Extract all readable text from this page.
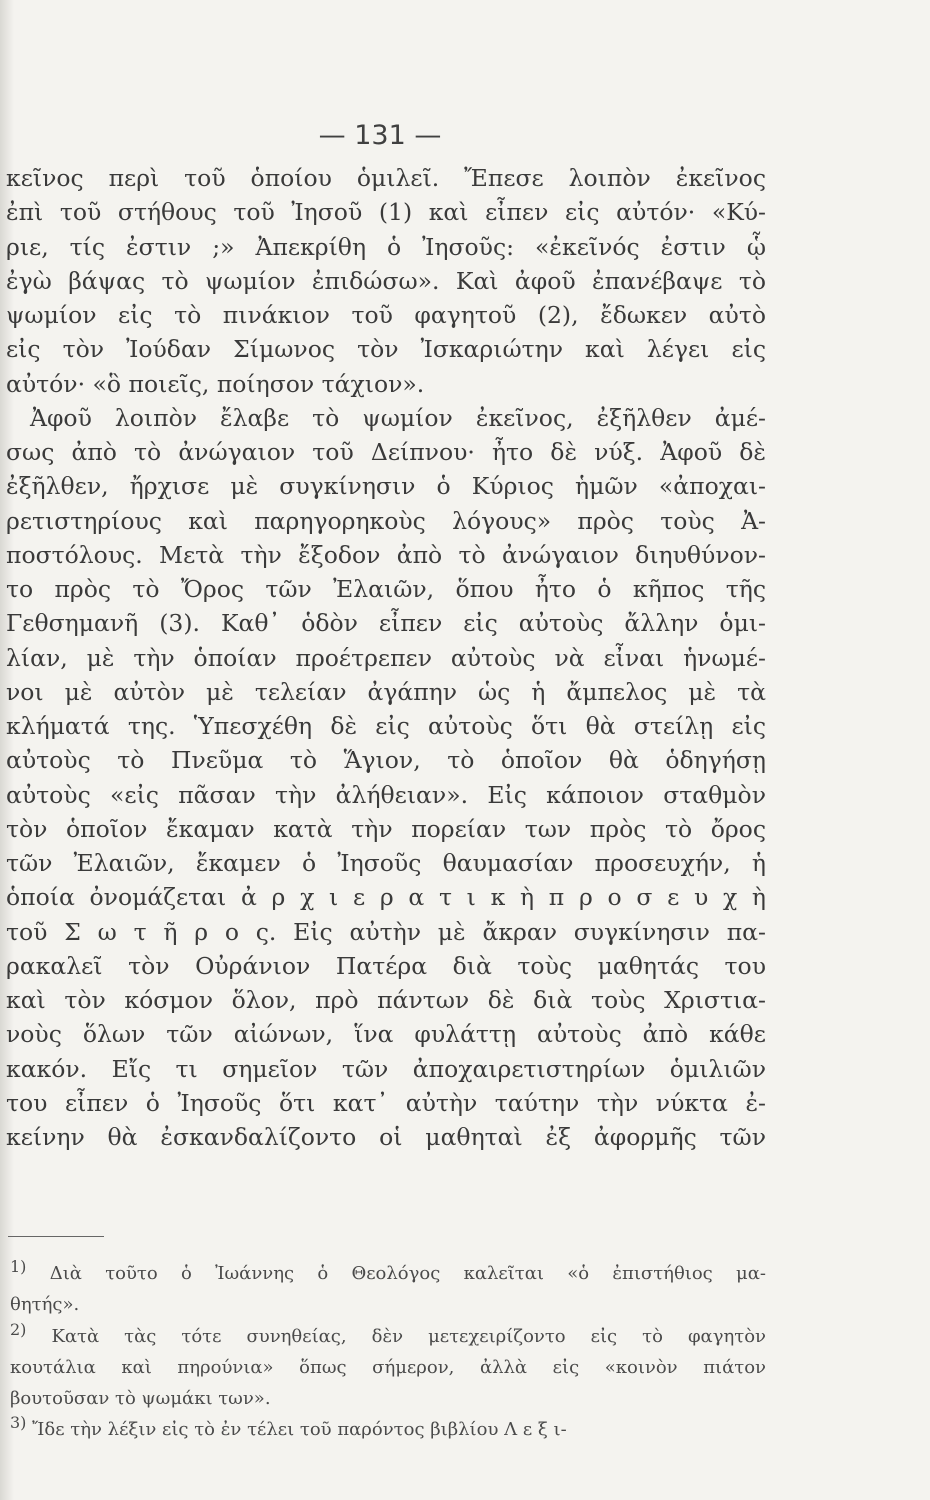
— 131 —
κεῖνος περὶ τοῦ ὁποίου ὁμιλεῖ. Ἔπεσε λοιπὸν ἐκεῖνος
ἐπὶ τοῦ στήθους τοῦ Ἰησοῦ (1) καὶ εἶπεν εἰς αὐτόν· «Κύ-
ριε, τίς ἐστιν ;» Ἀπεκρίθη ὁ Ἰησοῦς: «ἐκεῖνός ἐστιν ᾧ
ἐγὼ βάψας τὸ ψωμίον ἐπιδώσω». Καὶ ἀφοῦ ἐπανέβαψε τὸ
ψωμίον εἰς τὸ πινάκιον τοῦ φαγητοῦ (2), ἔδωκεν αὐτὸ
εἰς τὸν Ἰούδαν Σίμωνος τὸν Ἰσκαριώτην καὶ λέγει εἰς
αὐτόν· «ὃ ποιεῖς, ποίησον τάχιον».
Ἀφοῦ λοιπὸν ἔλαβε τὸ ψωμίον ἐκεῖνος, ἐξῆλθεν ἀμέ-
σως ἀπὸ τὸ ἀνώγαιον τοῦ Δείπνου· ἦτο δὲ νύξ. Ἀφοῦ δὲ
ἐξῆλθεν, ἤρχισε μὲ συγκίνησιν ὁ Κύριος ἡμῶν «ἀποχαι-
ρετιστηρίους καὶ παρηγορηκοὺς λόγους» πρὸς τοὺς Ἀ-
ποστόλους. Μετὰ τὴν ἔξοδον ἀπὸ τὸ ἀνώγαιον διηυθύνον-
το πρὸς τὸ Ὄρος τῶν Ἐλαιῶν, ὅπου ἦτο ὁ κῆπος τῆς
Γεθσημανῆ (3). Καθ᾽ ὁδὸν εἶπεν εἰς αὐτοὺς ἄλλην ὁμι-
λίαν, μὲ τὴν ὁποίαν προέτρεπεν αὐτοὺς νὰ εἶναι ἡνωμέ-
νοι μὲ αὐτὸν μὲ τελείαν ἀγάπην ὡς ἡ ἄμπελος μὲ τὰ
κλήματά της. Ὑπεσχέθη δὲ εἰς αὐτοὺς ὅτι θὰ στείλῃ εἰς
αὐτοὺς τὸ Πνεῦμα τὸ Ἅγιον, τὸ ὁποῖον θὰ ὁδηγήσῃ
αὐτοὺς «εἰς πᾶσαν τὴν ἀλήθειαν». Εἰς κάποιον σταθμὸν
τὸν ὁποῖον ἔκαμαν κατὰ τὴν πορείαν των πρὸς τὸ ὄρος
τῶν Ἐλαιῶν, ἔκαμεν ὁ Ἰησοῦς θαυμασίαν προσευχήν, ἡ
ὁποία ὀνομάζεται ἀ ρ χ ι ε ρ α τ ι κ ὴ π ρ ο σ ε υ χ ὴ
τοῦ Σ ω τ ῆ ρ ο ς. Εἰς αὐτὴν μὲ ἄκραν συγκίνησιν πα-
ρακαλεῖ τὸν Οὐράνιον Πατέρα διὰ τοὺς μαθητάς του
καὶ τὸν κόσμον ὅλον, πρὸ πάντων δὲ διὰ τοὺς Χριστια-
νοὺς ὅλων τῶν αἰώνων, ἵνα φυλάττῃ αὐτοὺς ἀπὸ κάθε
κακόν. Εἴς τι σημεῖον τῶν ἀποχαιρετιστηρίων ὁμιλιῶν
του εἶπεν ὁ Ἰησοῦς ὅτι κατ᾽ αὐτὴν ταύτην τὴν νύκτα ἐ-
κείνην θὰ ἐσκανδαλίζοντο οἱ μαθηταὶ ἐξ ἀφορμῆς τῶν
1) Διὰ τοῦτο ὁ Ἰωάννης ὁ Θεολόγος καλεῖται «ὁ ἐπιστήθιος μα-
θητής».
2) Κατὰ τὰς τότε συνηθείας, δὲν μετεχειρίζοντο εἰς τὸ φαγητὸν
κουτάλια καὶ πηρούνια» ὅπως σήμερον, ἀλλὰ εἰς «κοινὸν πιάτον
βουτοῦσαν τὸ ψωμάκι των».
3) Ἴδε τὴν λέξιν εἰς τὸ ἐν τέλει τοῦ παρόντος βιβλίου Λ ε ξ ι-
